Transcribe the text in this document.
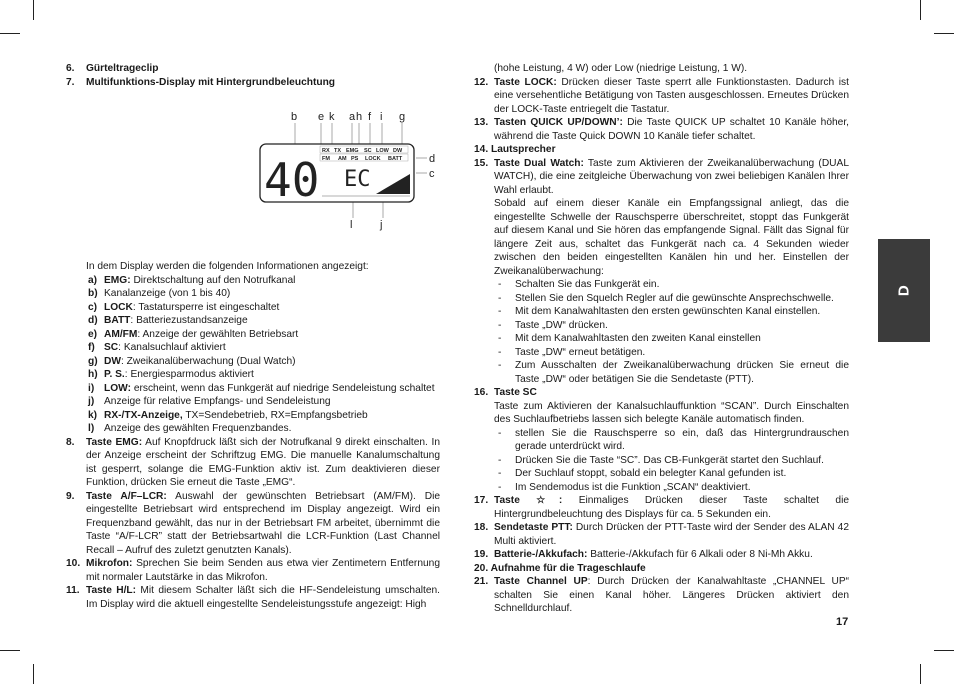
6. Gürteltrageclip
7. Multifunktions-Display mit Hintergrundbeleuchtung
In dem Display werden die folgenden Informationen angezeigt:
a) EMG: Direktschaltung auf den Notrufkanal
b) Kanalanzeige (von 1 bis 40)
c) LOCK: Tastatursperre ist eingeschaltet
d) BATT: Batteriezustandsanzeige
e) AM/FM: Anzeige der gewählten Betriebsart
f) SC: Kanalsuchlauf aktiviert
g) DW: Zweikanalüberwachung (Dual Watch)
h) P. S.: Energiesparmodus aktiviert
i) LOW: erscheint, wenn das Funkgerät auf niedrige Sendeleistung schaltet
j) Anzeige für relative Empfangs- und Sendeleistung
k) RX-/TX-Anzeige, TX=Sendebetrieb, RX=Empfangsbetrieb
l) Anzeige des gewählten Frequenzbandes.
8. Taste EMG: Auf Knopfdruck läßt sich der Notrufkanal 9 direkt einschalten. In der Anzeige erscheint der Schriftzug EMG. Die manuelle Kanalumschaltung ist gesperrt, solange die EMG-Funktion aktiv ist. Zum deaktivieren dieser Funktion, drücken Sie erneut die Taste „EMG“.
9. Taste A/F–LCR: Auswahl der gewünschten Betriebsart (AM/FM). Die eingestellte Betriebsart wird entsprechend im Display angezeigt. Wird ein Frequenzband gewählt, das nur in der Betriebsart FM arbeitet, übernimmt die Taste “A/F-LCR” statt der Betriebsartwahl die LCR-Funktion (Last Channel Recall – Aufruf des zuletzt genutzten Kanals).
10. Mikrofon: Sprechen Sie beim Senden aus etwa vier Zentimetern Entfernung mit normaler Lautstärke in das Mikrofon.
11. Taste H/L: Mit diesem Schalter läßt sich die HF-Sendeleistung umschalten. Im Display wird die aktuell eingestellte Sendeleistungsstufe angezeigt: High
b e k a h f i g
d
c
l	j
RX TX EMG SC LOW DW
FM AM PS LOCK BATT
40 EC
(hohe Leistung, 4 W) oder Low (niedrige Leistung, 1 W).
12. Taste LOCK: Drücken dieser Taste sperrt alle Funktionstasten. Dadurch ist eine versehentliche Betätigung von Tasten ausgeschlossen. Erneutes Drücken der LOCK-Taste entriegelt die Tastatur.
13. Tasten QUICK UP/DOWN’: Die Taste QUICK UP schaltet 10 Kanäle höher, während die Taste Quick DOWN 10 Kanäle tiefer schaltet.
14. Lautsprecher
15. Taste Dual Watch: Taste zum Aktivieren der Zweikanalüberwachung (DUAL WATCH), die eine zeitgleiche Überwachung von zwei beliebigen Kanälen Ihrer Wahl erlaubt.
Sobald auf einem dieser Kanäle ein Empfangssignal anliegt, das die eingestellte Schwelle der Rauschsperre überschreitet, stoppt das Funkgerät auf diesem Kanal und Sie hören das empfangende Signal. Fällt das Signal für längere Zeit aus, schaltet das Funkgerät nach ca. 4 Sekunden wieder zwischen den beiden eingestellten Kanälen hin und her. Einstellen der Zweikanalüberwachung:
- Schalten Sie das Funkgerät ein.
- Stellen Sie den Squelch Regler auf die gewünschte Ansprechschwelle.
- Mit dem Kanalwahltasten den ersten gewünschten Kanal einstellen.
- Taste „DW“ drücken.
- Mit dem Kanalwahltasten den zweiten Kanal einstellen
- Taste „DW“ erneut betätigen.
- Zum Ausschalten der Zweikanalüberwachung drücken Sie erneut die Taste „DW“ oder betätigen Sie die Sendetaste (PTT).
16. Taste SC
Taste zum Aktivieren der Kanalsuchlauffunktion “SCAN”. Durch Einschalten des Suchlaufbetriebs lassen sich belegte Kanäle automatisch finden.
- stellen Sie die Rauschsperre so ein, daß das Hintergrundrauschen gerade unterdrückt wird.
- Drücken Sie die Taste “SC”. Das CB-Funkgerät startet den Suchlauf.
- Der Suchlauf stoppt, sobald ein belegter Kanal gefunden ist.
- Im Sendemodus ist die Funktion „SCAN“ deaktiviert.
17. Taste ☆: Einmaliges Drücken dieser Taste schaltet die Hintergrundbeleuchtung des Displays für ca. 5 Sekunden ein.
18. Sendetaste PTT: Durch Drücken der PTT-Taste wird der Sender des ALAN 42 Multi aktiviert.
19. Batterie-/Akkufach: Batterie-/Akkufach für 6 Alkali oder 8 Ni-Mh Akku.
20. Aufnahme für die Trageschlaufe
21. Taste Channel UP: Durch Drücken der Kanalwahltaste „CHANNEL UP“ schalten Sie einen Kanal höher. Längeres Drücken aktiviert den Schnelldurchlauf.
D
17
